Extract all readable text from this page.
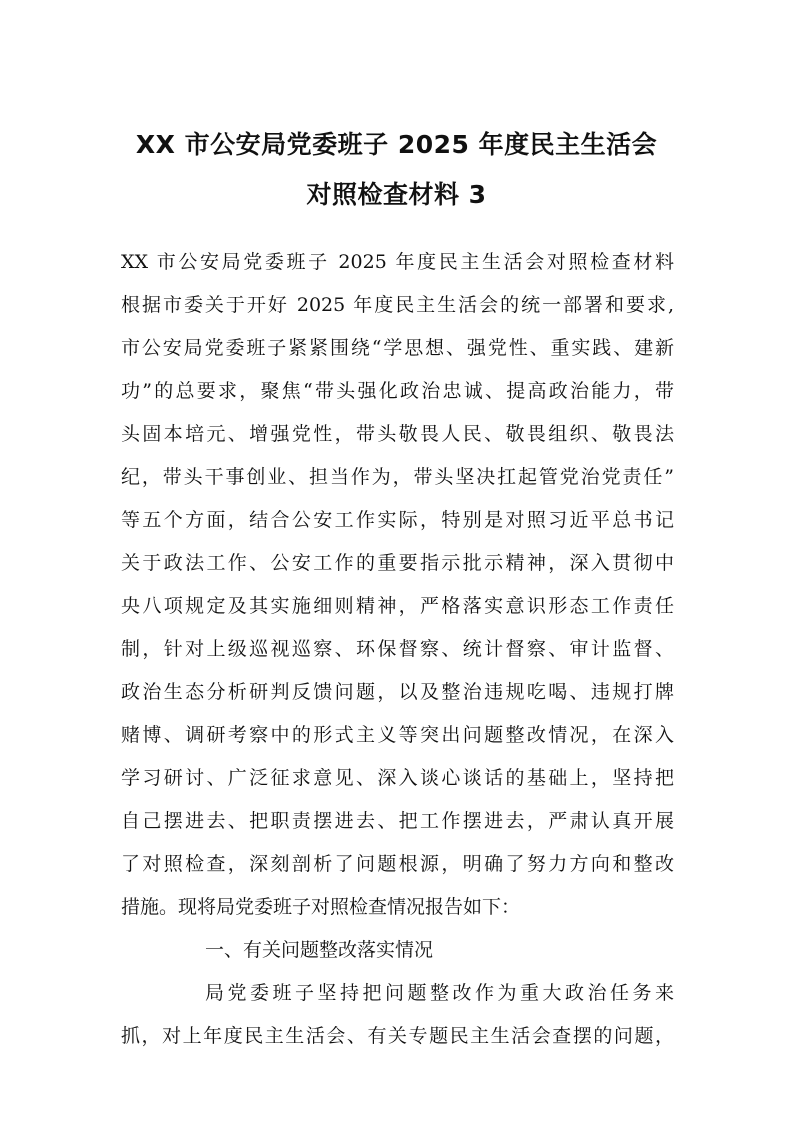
XX 市公安局党委班子 2025 年度民主生活会
对照检查材料 3

XX 市公安局党委班子 2025 年度民主生活会对照检查材料

根据市委关于开好 2025 年度民主生活会的统一部署和要求,

市公安局党委班子紧紧围绕“学思想、强党性、重实践、建新

功”的总要求，聚焦“带头强化政治忠诚、提高政治能力，带

头固本培元、增强党性，带头敬畏人民、敬畏组织、敬畏法

纪，带头干事创业、担当作为，带头坚决扛起管党治党责任”

等五个方面，结合公安工作实际，特别是对照习近平总书记

关于政法工作、公安工作的重要指示批示精神，深入贯彻中

央八项规定及其实施细则精神，严格落实意识形态工作责任

制，针对上级巡视巡察、环保督察、统计督察、审计监督、

政治生态分析研判反馈问题，以及整治违规吃喝、违规打牌

赌博、调研考察中的形式主义等突出问题整改情况，在深入

学习研讨、广泛征求意见、深入谈心谈话的基础上，坚持把

自己摆进去、把职责摆进去、把工作摆进去，严肃认真开展

了对照检查，深刻剖析了问题根源，明确了努力方向和整改

措施。现将局党委班子对照检查情况报告如下：

一、有关问题整改落实情况

局党委班子坚持把问题整改作为重大政治任务来

抓，对上年度民主生活会、有关专题民主生活会查摆的问题，
